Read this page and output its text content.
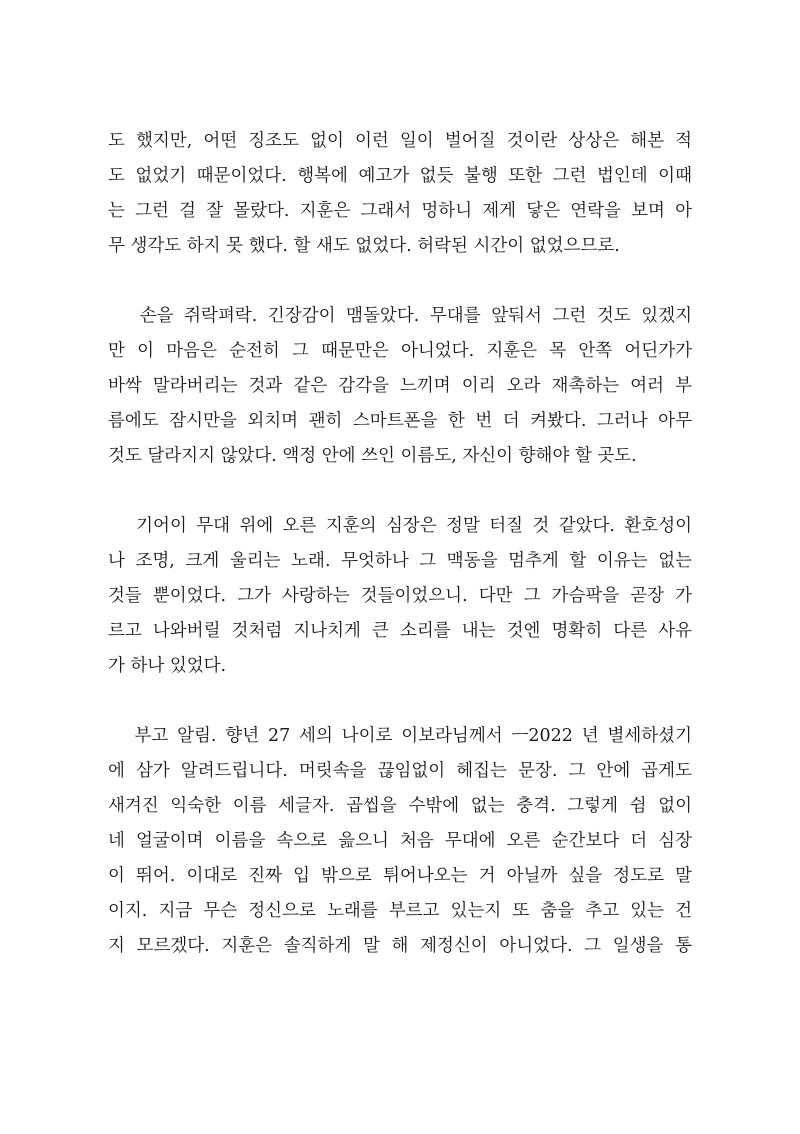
도 했지만, 어떤 징조도 없이 이런 일이 벌어질 것이란 상상은 해본 적
도 없었기 때문이었다. 행복에 예고가 없듯 불행 또한 그런 법인데 이때
는 그런 걸 잘 몰랐다. 지훈은 그래서 멍하니 제게 닿은 연락을 보며 아
무 생각도 하지 못 했다. 할 새도 없었다. 허락된 시간이 없었으므로.
손을 쥐락펴락. 긴장감이 맴돌았다. 무대를 앞둬서 그런 것도 있겠지
만 이 마음은 순전히 그 때문만은 아니었다. 지훈은 목 안쪽 어딘가가
바싹 말라버리는 것과 같은 감각을 느끼며 이리 오라 재촉하는 여러 부
름에도 잠시만을 외치며 괜히 스마트폰을 한 번 더 켜봤다. 그러나 아무
것도 달라지지 않았다. 액정 안에 쓰인 이름도, 자신이 향해야 할 곳도.
기어이 무대 위에 오른 지훈의 심장은 정말 터질 것 같았다. 환호성이
나 조명, 크게 울리는 노래. 무엇하나 그 맥동을 멈추게 할 이유는 없는
것들 뿐이었다. 그가 사랑하는 것들이었으니. 다만 그 가슴팍을 곧장 가
르고 나와버릴 것처럼 지나치게 큰 소리를 내는 것엔 명확히 다른 사유
가 하나 있었다.
부고 알림. 향년 27 세의 나이로 이보라님께서 ㅡ2022 년 별세하셨기
에 삼가 알려드립니다. 머릿속을 끊임없이 헤집는 문장. 그 안에 곱게도
새겨진 익숙한 이름 세글자. 곱씹을 수밖에 없는 충격. 그렇게 쉼 없이
네 얼굴이며 이름을 속으로 읊으니 처음 무대에 오른 순간보다 더 심장
이 뛰어. 이대로 진짜 입 밖으로 튀어나오는 거 아닐까 싶을 정도로 말
이지. 지금 무슨 정신으로 노래를 부르고 있는지 또 춤을 추고 있는 건
지 모르겠다. 지훈은 솔직하게 말 해 제정신이 아니었다. 그 일생을 통
